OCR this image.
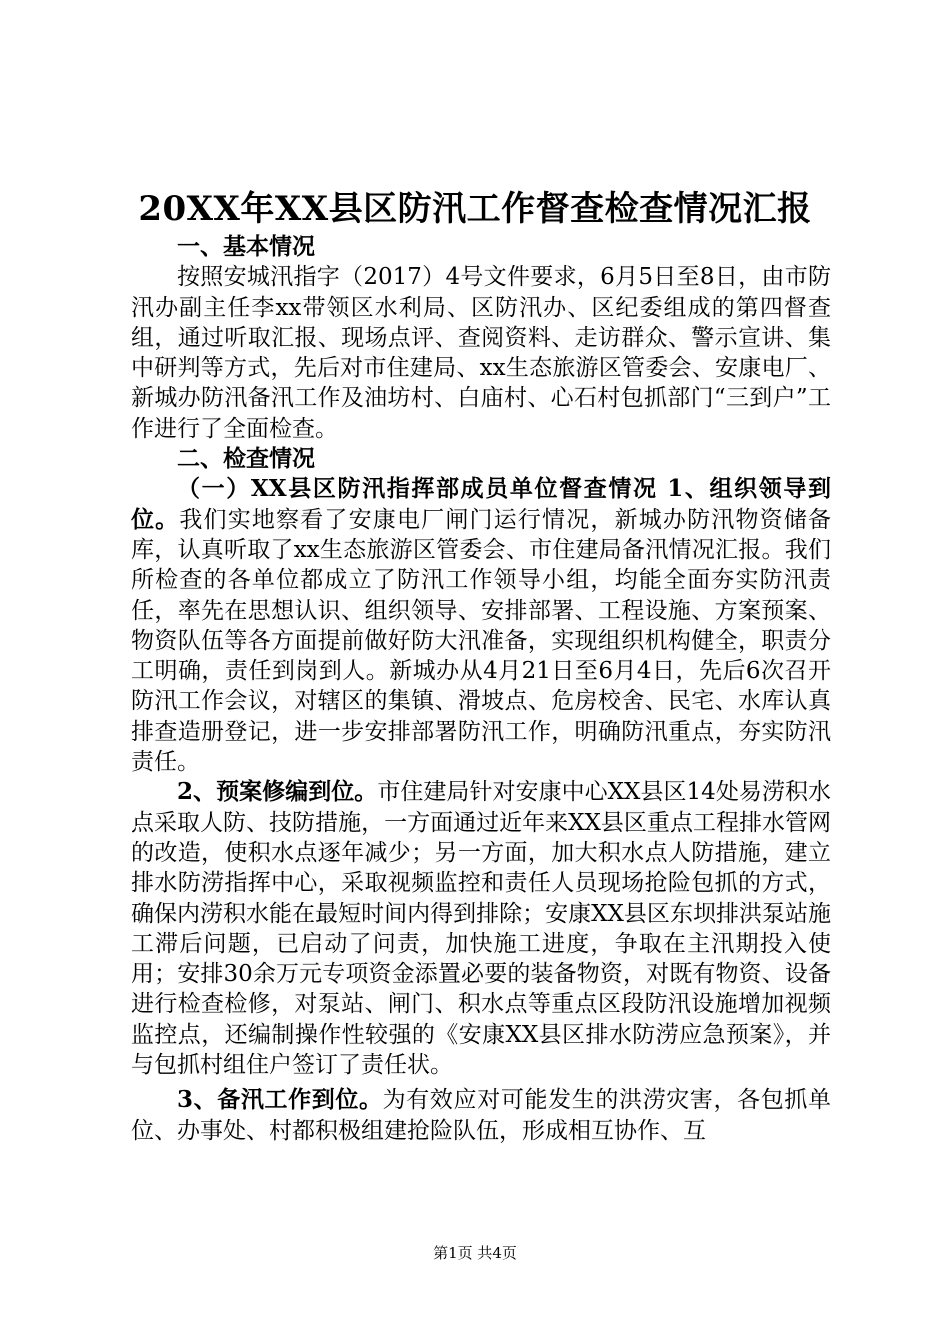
20XX年XX县区防汛工作督查检查情况汇报

一、基本情况

按照安城汛指字（2017）4号文件要求，6月5日至8日，由市防汛办副主任李xx带领区水利局、区防汛办、区纪委组成的第四督查组，通过听取汇报、现场点评、查阅资料、走访群众、警示宣讲、集中研判等方式，先后对市住建局、xx生态旅游区管委会、安康电厂、新城办防汛备汛工作及油坊村、白庙村、心石村包抓部门“三到户”工作进行了全面检查。

二、检查情况

（一）XX县区防汛指挥部成员单位督查情况 1、组织领导到位。我们实地察看了安康电厂闸门运行情况，新城办防汛物资储备库，认真听取了xx生态旅游区管委会、市住建局备汛情况汇报。我们所检查的各单位都成立了防汛工作领导小组，均能全面夯实防汛责任，率先在思想认识、组织领导、安排部署、工程设施、方案预案、物资队伍等各方面提前做好防大汛准备，实现组织机构健全，职责分工明确，责任到岗到人。新城办从4月21日至6月4日，先后6次召开防汛工作会议，对辖区的集镇、滑坡点、危房校舍、民宅、水库认真排查造册登记，进一步安排部署防汛工作，明确防汛重点，夯实防汛责任。

2、预案修编到位。市住建局针对安康中心XX县区14处易涝积水点采取人防、技防措施，一方面通过近年来XX县区重点工程排水管网的改造，使积水点逐年减少；另一方面，加大积水点人防措施，建立排水防涝指挥中心，采取视频监控和责任人员现场抢险包抓的方式，确保内涝积水能在最短时间内得到排除；安康XX县区东坝排洪泵站施工滞后问题，已启动了问责，加快施工进度，争取在主汛期投入使用；安排30余万元专项资金添置必要的装备物资，对既有物资、设备进行检查检修，对泵站、闸门、积水点等重点区段防汛设施增加视频监控点，还编制操作性较强的《安康XX县区排水防涝应急预案》，并与包抓村组住户签订了责任状。

3、备汛工作到位。为有效应对可能发生的洪涝灾害，各包抓单位、办事处、村都积极组建抢险队伍，形成相互协作、互

第1页 共4页
